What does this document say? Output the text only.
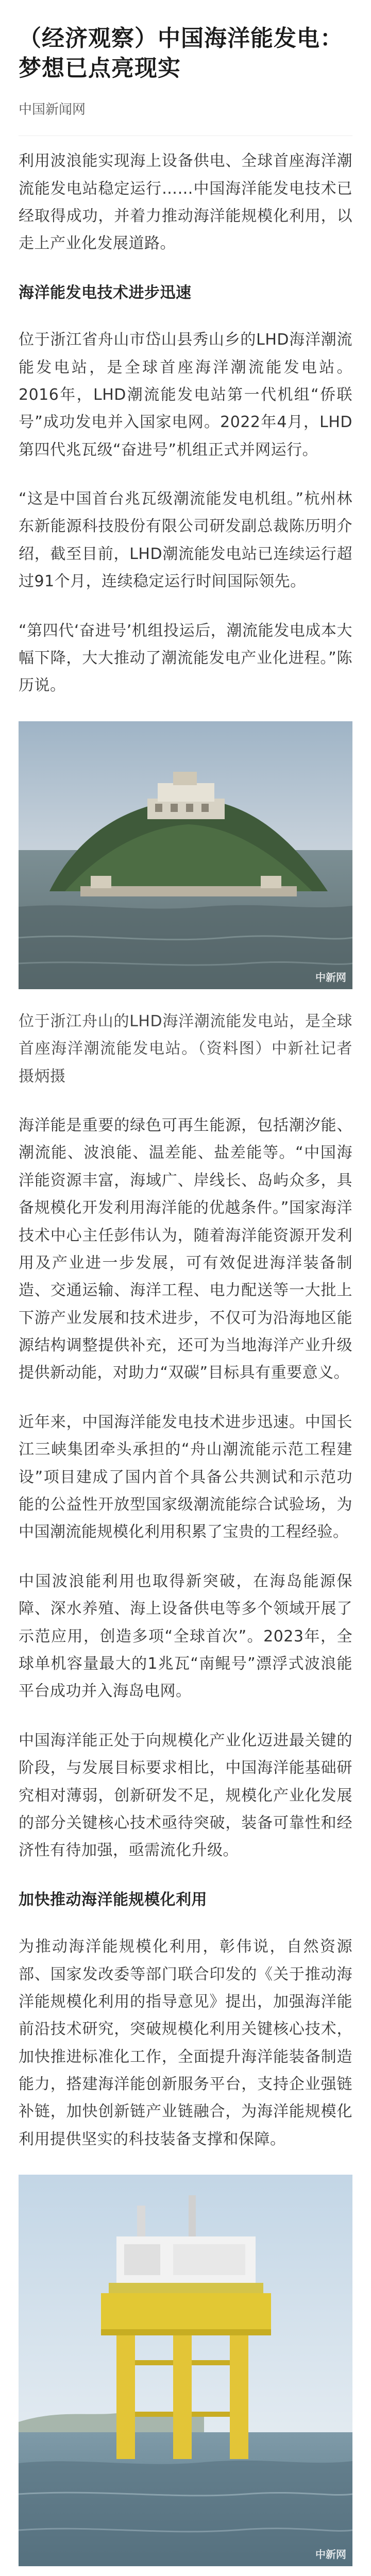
（经济观察）中国海洋能发电：梦想已点亮现实
中国新闻网

利用波浪能实现海上设备供电、全球首座海洋潮流能发电站稳定运行……中国海洋能发电技术已经取得成功，并着力推动海洋能规模化利用，以走上产业化发展道路。

海洋能发电技术进步迅速

位于浙江省舟山市岱山县秀山乡的LHD海洋潮流能发电站，是全球首座海洋潮流能发电站。2016年，LHD潮流能发电站第一代机组“侨联号”成功发电并入国家电网。2022年4月，LHD第四代兆瓦级“奋进号”机组正式并网运行。

“这是中国首台兆瓦级潮流能发电机组。”杭州林东新能源科技股份有限公司研发副总裁陈历明介绍，截至目前，LHD潮流能发电站已连续运行超过91个月，连续稳定运行时间国际领先。

“第四代‘奋进号’机组投运后，潮流能发电成本大幅下降，大大推动了潮流能发电产业化进程。”陈历说。

中新网

位于浙江舟山的LHD海洋潮流能发电站，是全球首座海洋潮流能发电站。（资料图）中新社记者摄炳摄

海洋能是重要的绿色可再生能源，包括潮汐能、潮流能、波浪能、温差能、盐差能等。“中国海洋能资源丰富，海域广、岸线长、岛屿众多，具备规模化开发利用海洋能的优越条件。”国家海洋技术中心主任彭伟认为，随着海洋能资源开发利用及产业进一步发展，可有效促进海洋装备制造、交通运输、海洋工程、电力配送等一大批上下游产业发展和技术进步，不仅可为沿海地区能源结构调整提供补充，还可为当地海洋产业升级提供新动能，对助力“双碳”目标具有重要意义。

近年来，中国海洋能发电技术进步迅速。中国长江三峡集团牵头承担的“舟山潮流能示范工程建设”项目建成了国内首个具备公共测试和示范功能的公益性开放型国家级潮流能综合试验场，为中国潮流能规模化利用积累了宝贵的工程经验。

中国波浪能利用也取得新突破，在海岛能源保障、深水养殖、海上设备供电等多个领域开展了示范应用，创造多项“全球首次”。2023年，全球单机容量最大的1兆瓦“南鲲号”漂浮式波浪能平台成功并入海岛电网。

中国海洋能正处于向规模化产业化迈进最关键的阶段，与发展目标要求相比，中国海洋能基础研究相对薄弱，创新研发不足，规模化产业化发展的部分关键核心技术亟待突破，装备可靠性和经济性有待加强，亟需流化升级。

加快推动海洋能规模化利用

为推动海洋能规模化利用，彰伟说，自然资源部、国家发改委等部门联合印发的《关于推动海洋能规模化利用的指导意见》提出，加强海洋能前沿技术研究，突破规模化利用关键核心技术，加快推进标准化工作，全面提升海洋能装备制造能力，搭建海洋能创新服务平台，支持企业强链补链，加快创新链产业链融合，为海洋能规模化利用提供坚实的科技装备支撑和保障。

中新网
